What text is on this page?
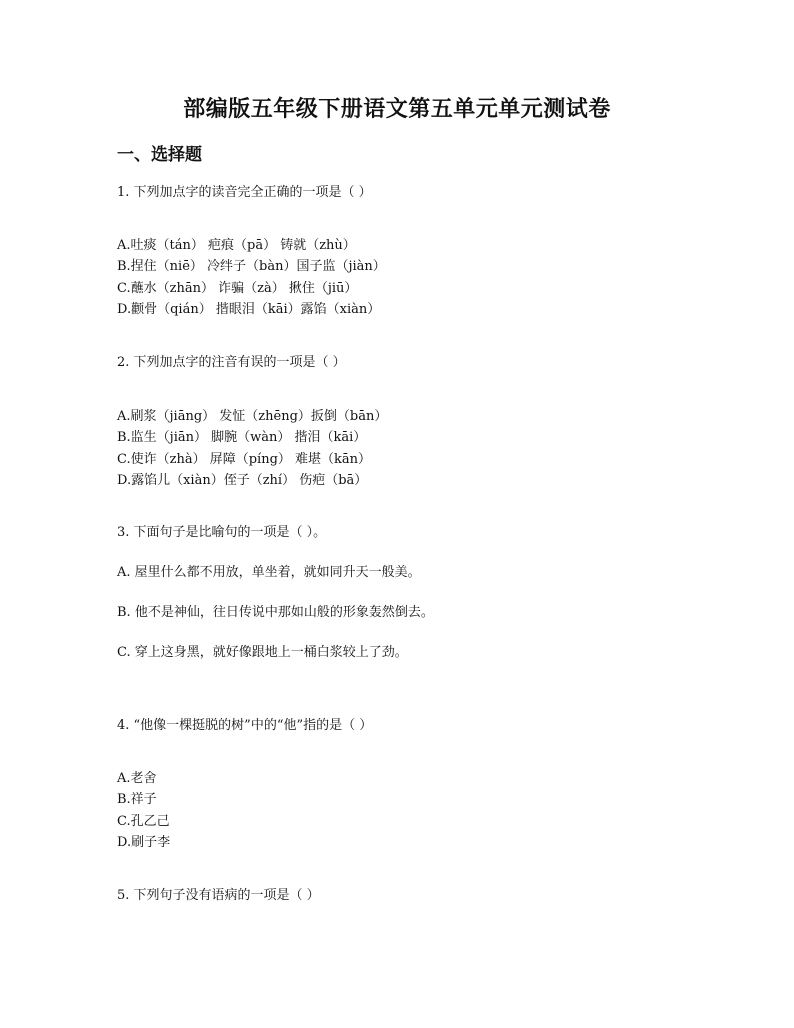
部编版五年级下册语文第五单元单元测试卷
一、选择题
1. 下列加点字的读音完全正确的一项是（ ）
A.吐痰（tán） 疤痕（pā） 铸就（zhù）
B.捏住（niē） 冷绊子（bàn）国子监（jiàn）
C.蘸水（zhān） 诈骗（zà） 揪住（jiū）
D.颧骨（qián） 揩眼泪（kāi）露馅（xiàn）
2. 下列加点字的注音有误的一项是（ ）
A.刷浆（jiāng） 发怔（zhēng）扳倒（bān）
B.监生（jiān） 脚腕（wàn） 揩泪（kāi）
C.使诈（zhà） 屏障（píng） 难堪（kān）
D.露馅儿（xiàn）侄子（zhí） 伤疤（bā）
3. 下面句子是比喻句的一项是（ ）。
A. 屋里什么都不用放，单坐着，就如同升天一般美。
B. 他不是神仙，往日传说中那如山般的形象轰然倒去。
C. 穿上这身黑，就好像跟地上一桶白浆较上了劲。
4. “他像一棵挺脱的树”中的“他”指的是（ ）
A.老舍
B.祥子
C.孔乙己
D.刷子李
5. 下列句子没有语病的一项是（ ）
